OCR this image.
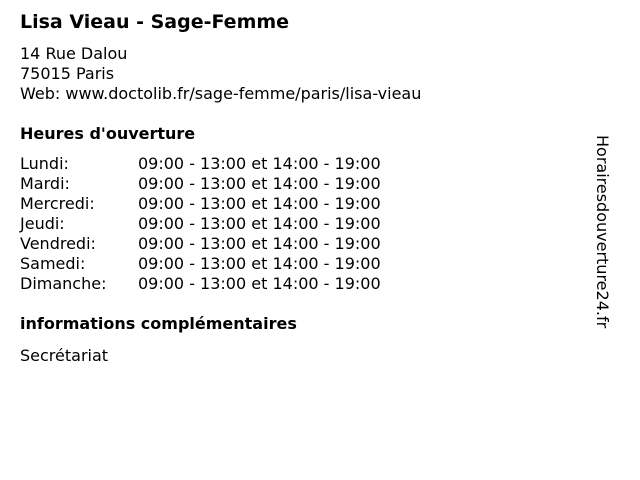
Lisa Vieau - Sage-Femme
14 Rue Dalou
75015 Paris
Web: www.doctolib.fr/sage-femme/paris/lisa-vieau
Heures d'ouverture
Lundi:	09:00 - 13:00 et 14:00 - 19:00
Mardi:	09:00 - 13:00 et 14:00 - 19:00
Mercredi:	09:00 - 13:00 et 14:00 - 19:00
Jeudi:	09:00 - 13:00 et 14:00 - 19:00
Vendredi:	09:00 - 13:00 et 14:00 - 19:00
Samedi:	09:00 - 13:00 et 14:00 - 19:00
Dimanche: 09:00 - 13:00 et 14:00 - 19:00
informations complémentaires
Secrétariat
Horairesdouverture24.fr
